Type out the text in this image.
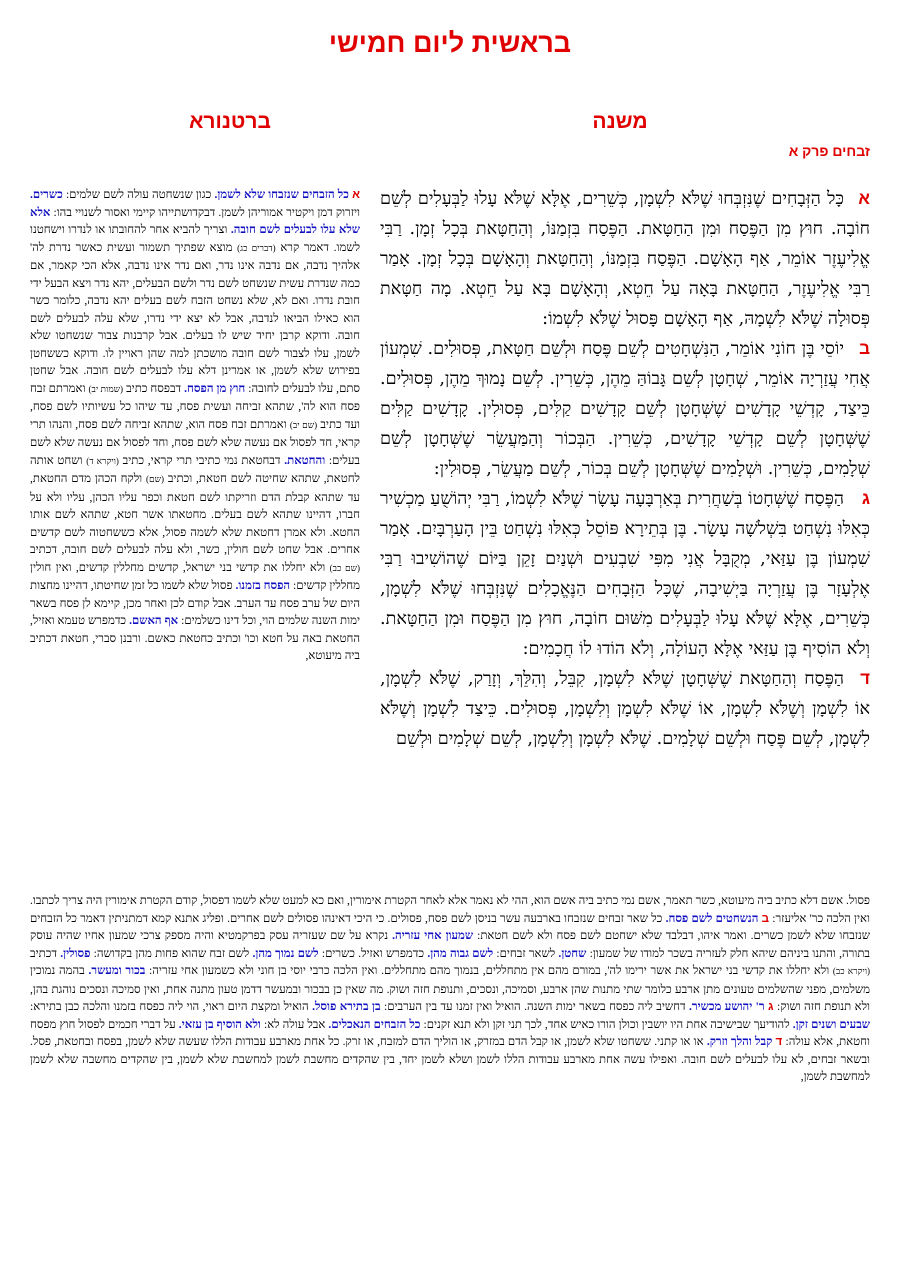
בראשית ליום חמישי
משנה
ברטנורא
זבחים פרק א

אכָּל הַזְּבָחִים שֶׁנִּזְבְּחוּ שֶׁלֹּא לִשְׁמָן, כְּשֵׁרִים, אֶלָּא שֶׁלֹּא עָלוּ לַבְּעָלִים לְשֵׁם חוֹבָה. חוּץ מִן הַפֶּסַח וּמִן הַחַטָּאת. הַפֶּסַח בִּזְמַנּוֹ, וְהַחַטָּאת בְּכָל זְמָן. רַבִּי אֱלִיעֶזֶר אוֹמֵר, אַף הָאָשָׁם. הַפֶּסַח בִּזְמַנּוֹ, וְהַחַטָּאת וְהָאָשָׁם בְּכָל זְמָן. אָמַר רַבִּי אֱלִיעֶזֶר, הַחַטָּאת בָּאָה עַל חֵטְא, וְהָאָשָׁם בָּא עַל חֵטְא. מָה חַטָּאת פְּסוּלָה שֶׁלֹּא לִשְׁמָהּ, אַף הָאָשָׁם פָּסוּל שֶׁלֹּא לִשְׁמוֹ:

ביוֹסֵי בֶּן חוֹנִי אוֹמֵר, הַנִּשְׁחָטִים לְשֵׁם פֶּסַח וּלְשֵׁם חַטָּאת, פְּסוּלִים. שִׁמְעוֹן אֲחִי עֲזַרְיָה אוֹמֵר, שְׁחָטָן לְשֵׁם גָּבוֹהַּ מֵהֶן, כְּשֵׁרִין. לְשֵׁם נָמוּךְ מֵהֶן, פְּסוּלִים. כֵּיצַד, קָדְשֵׁי קָדָשִׁים שֶׁשְּׁחָטָן לְשֵׁם קָדָשִׁים קַלִּים, פְּסוּלִין. קָדָשִׁים קַלִּים שֶׁשְּׁחָטָן לְשֵׁם קָדְשֵׁי קָדָשִׁים, כְּשֵׁרִין. הַבְּכוֹר וְהַמַּעֲשֵׂר שֶׁשְּׁחָטָן לְשֵׁם שְׁלָמִים, כְּשֵׁרִין. וּשְׁלָמִים שֶׁשְּׁחָטָן לְשֵׁם בְּכוֹר, לְשֵׁם מַעֲשֵׂר, פְּסוּלִין:

גהַפֶּסַח שֶׁשְּׁחָטוֹ בְּשַׁחֲרִית בְּאַרְבָּעָה עָשָׂר שֶׁלֹּא לִשְׁמוֹ, רַבִּי יְהוֹשֻׁעַ מַכְשִׁיר כְּאִלּוּ נִשְׁחַט בִּשְׁלֹשָׁה עָשָׂר. בֶּן בְּתֵירָא פּוֹסֵל כְּאִלּוּ נִשְׁחַט בֵּין הָעַרְבָּיִם. אָמַר שִׁמְעוֹן בֶּן עַזַּאי, מְקֻבָּל אֲנִי מִפִּי שִׁבְעִים וּשְׁנַיִם זָקֵן בַּיּוֹם שֶׁהוֹשִׁיבוּ רַבִּי אֶלְעָזָר בֶּן עֲזַרְיָה בַּיְשִׁיבָה, שֶׁכָּל הַזְּבָחִים הַנֶּאֱכָלִים שֶׁנִּזְבְּחוּ שֶׁלֹּא לִשְׁמָן, כְּשֵׁרִים, אֶלָּא שֶׁלֹּא עָלוּ לַבְּעָלִים מִשּׁוּם חוֹבָה, חוּץ מִן הַפֶּסַח וּמִן הַחַטָּאת. וְלֹא הוֹסִיף בֶּן עַזַּאי אֶלָּא הָעוֹלָה, וְלֹא הוֹדוּ לוֹ חֲכָמִים:

דהַפֶּסַח וְהַחַטָּאת שֶׁשְּׁחָטָן שֶׁלֹּא לִשְׁמָן, קִבֵּל, וְהִלֵּךְ, וְזָרַק, שֶׁלֹּא לִשְׁמָן, אוֹ לִשְׁמָן וְשֶׁלֹּא לִשְׁמָן, אוֹ שֶׁלֹּא לִשְׁמָן וְלִשְׁמָן, פְּסוּלִים. כֵּיצַד לִשְׁמָן וְשֶׁלֹּא לִשְׁמָן, לְשֵׁם פֶּסַח וּלְשֵׁם שְׁלָמִים. שֶׁלֹּא לִשְׁמָן וְלִשְׁמָן, לְשֵׁם שְׁלָמִים וּלְשֵׁם

א כל הזבחים שנזבחו שלא לשמן. כגון שנשחטה עולה לשם שלמים: כשרים. ויזרוק דמן ויקטיר אמוריהן לשמן. דבקדושתייהו קיימי ואסור לשנויי בהו: אלא שלא עלו לבעלים לשם חובה. וצריך להביא אחר להחובתו או לנדרו וישחטנו לשמו. דאמר קרא (דברים כג) מוצא שפתיך תשמור ועשית כאשר נדרת לה' אלהיך נדבה, אם נדבה אינו נדר, ואם נדר אינו נדבה, אלא הכי קאמר, אם כמה שנדרת עשית שנשחט לשם נדר ולשם הבעלים, יהא נדר ויצא הבעל ידי חובת נדרו. ואם לא, שלא נשחט הזבח לשם בעלים יהא נדבה, כלומר כשר הוא כאילו הביאו לנדבה, אבל לא יצא ידי נדרו, שלא עלה לבעלים לשם חובה. ודוקא קרבן יחיד שיש לו בעלים. אבל קרבנות צבור שנשחטו שלא לשמן, עלו לצבור לשם חובה מושכתן למה שהן ראויין לו. ודוקא כששחטן בפירוש שלא לשמן, או אמרינן דלא עלו לבעלים לשם חובה. אבל שחטן סתם, עלו לבעלים לחובה: חוץ מן הפסח. דבפסח כתיב (שמות יב) ואמרתם זבח פסח הוא לה', שתהא זביחה ועשית פסח, עד שיהו כל עשיותיו לשם פסח, ועד כתיב (שם יב) ואמרתם זבח פסח הוא, שתהא זביחה לשם פסח, והנהו תרי קראי, חד לפסול אם נעשה שלא לשם פסח, וחד לפסול אם נעשה שלא לשם בעלים: והחטאת. דבחטאת נמי כתיבי תרי קראי, כתיב (ויקרא ד) ושחט אותה לחטאת, שתהא שחיטה לשם חטאת, וכתיב (שם) ולקח הכהן מדם החטאת, עד שתהא קבלת הדם וזריקתו לשם חטאת וכפר עליו הכהן, עליו ולא על חברו, דהיינו שתהא לשם בעלים. מחטאתו אשר חטא, שתהא לשם אותו החטא. ולא אמרן דחטאת שלא לשמה פסול, אלא כששחטוה לשם קדשים אחרים. אבל שחט לשם חולין, כשר, ולא עלה לבעלים לשם חובה, דכתיב (שם כב) ולא יחללו את קדשי בני ישראל, קדשים מחללין קדשים, ואין חולין מחללין קדשים: הפסח בזמנו. פסול שלא לשמו כל זמן שחיטתו, דהיינו מחצות היום של ערב פסח עד הערב. אבל קודם לכן ואחר מכן, קיימא לן פסח בשאר ימות השנה שלמים הוי, וכל דינו כשלמים: אף האשם. כדמפרש טעמא ואזיל, החטאת באה על חטא וכו' וכתיב כחטאת כאשם. ורבנן סברי, חטאת דכתיב ביה מיעוטא,
פסול. אשם דלא כתיב ביה מיעוטא, כשר תאמר, אשם נמי כתיב ביה אשם הוא, ההי לא נאמר אלא לאחר הקטרת אימורין, ואם כא למעט שלא לשמו דפסול, קודם הקטרת אימורין היה צריך לכתבו. ואין הלכה כר' אליעזר: ב הנשחטים לשם פסח. כל שאר זבחים שנזבחו בארבעה עשר בניסן לשם פסח, פסולים. כי היכי דאינהו פסולים לשם אחרים. ופליג אתנא קמא דמתניתין דאמר כל הזבחים שנזבחו שלא לשמן כשרים. ואמר איהו, דבלבד שלא ישחטם לשם פסח ולא לשם חטאת: שמעון אחי עזריה. נקרא על שם שעזריה עסק בפרקמטיא והיה מספק צרכי שמעון אחיו שהיה עוסק בתורה, והתנו ביניהם שיהא חלק לעזריה בשכר למודו של שמעון: שחטן. לשאר זבחים: לשם גבוה מהן. כדמפרש ואזיל. כשרים: לשם נמוך מהן. לשם זבח שהוא פחות מהן בקדושה: פסולין. דכתיב (ויקרא כב) ולא יחללו את קדשי בני ישראל את אשר ירימו לה', במורם מהם אין מתחללים, בנמוך מהם מתחללים. ואין הלכה כרבי יוסי בן חוני ולא כשמעון אחי עזריה: בכור ומעשר. בהמה נמוכין משלמים, מפני שהשלמים טעונים מתן ארבע כלומר שתי מתנות שהן ארבע, וסמיכה, ונסכים, ותנופת חזה ושוק. מה שאין כן בבכור ובמעשר דדמן טעון מתנה אחת, ואין סמיכה ונסכים נוהגת בהן, ולא תנופת חזה ושוק: ג ר' יהושע מכשיר. דחשיב ליה כפסח בשאר ימות השנה. הואיל ואין זמנו עד בין הערבים: בן בתירא פוסל. הואיל ומקצת היום ראוי, הוי ליה כפסח בזמנו והלכה כבן בתירא: שבעים ושנים זקן. להודיעך שבישיבה אחת היו יושבין וכולן הורו כאיש אחד, לכך תני זקן ולא תנא זקנים: כל הזבחים הנאכלים. אבל עולה לא: ולא הוסיף בן עזאי. על דברי חכמים לפסול חוץ מפסח וחטאת, אלא עולה: ד קבל והלך וזרק. או או קתני. ששחטו שלא לשמן, או קבל הדם במזרק, או הוליך הדם למזבח, או זרק. כל אחת מארבע עבודות הללו שעשה שלא לשמן, בפסח ובחטאת, פסל. ובשאר זבחים, לא עלו לבעלים לשם חובה. ואפילו עשה אחת מארבע עבודות הללו לשמן ושלא לשמן יחד, בין שהקדים מחשבת לשמן למחשבת שלא לשמן, בין שהקדים מחשבה שלא לשמן למחשבת לשמן,
